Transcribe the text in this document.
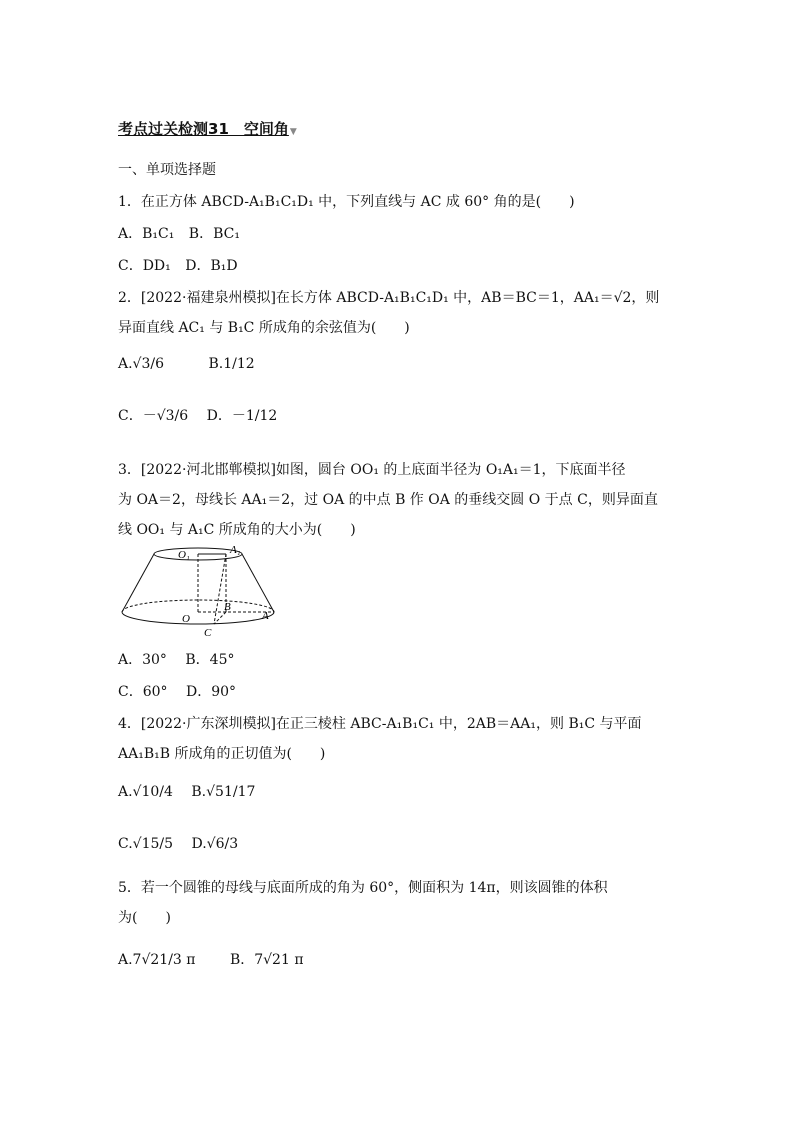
考点过关检测31　空间角▼
一、单项选择题
1．在正方体 ABCD-A₁B₁C₁D₁ 中，下列直线与 AC 成 60° 角的是(　　)
A．B₁C₁ B．BC₁
C．DD₁ D．B₁D
2．[2022·福建泉州模拟]在长方体 ABCD-A₁B₁C₁D₁ 中，AB＝BC＝1，AA₁＝√2，则
异面直线 AC₁ 与 B₁C 所成角的余弦值为(　　)
A.√3/6	B.1/12
C．－√3/6 D．－1/12
3．[2022·河北邯郸模拟]如图，圆台 OO₁ 的上底面半径为 O₁A₁＝1，下底面半径
为 OA＝2，母线长 AA₁＝2，过 OA 的中点 B 作 OA 的垂线交圆 O 于点 C，则异面直
线 OO₁ 与 A₁C 所成角的大小为(　　)
O₁	A₁
O
B
A
C
A．30° B．45°
C．60° D．90°
4．[2022·广东深圳模拟]在正三棱柱 ABC-A₁B₁C₁ 中，2AB＝AA₁，则 B₁C 与平面
AA₁B₁B 所成角的正切值为(　　)
A.√10/4 B.√51/17
C.√15/5 D.√6/3
5．若一个圆锥的母线与底面所成的角为 60°，侧面积为 14π，则该圆锥的体积
为(　　)
A.7√21/3 π B．7√21 π
